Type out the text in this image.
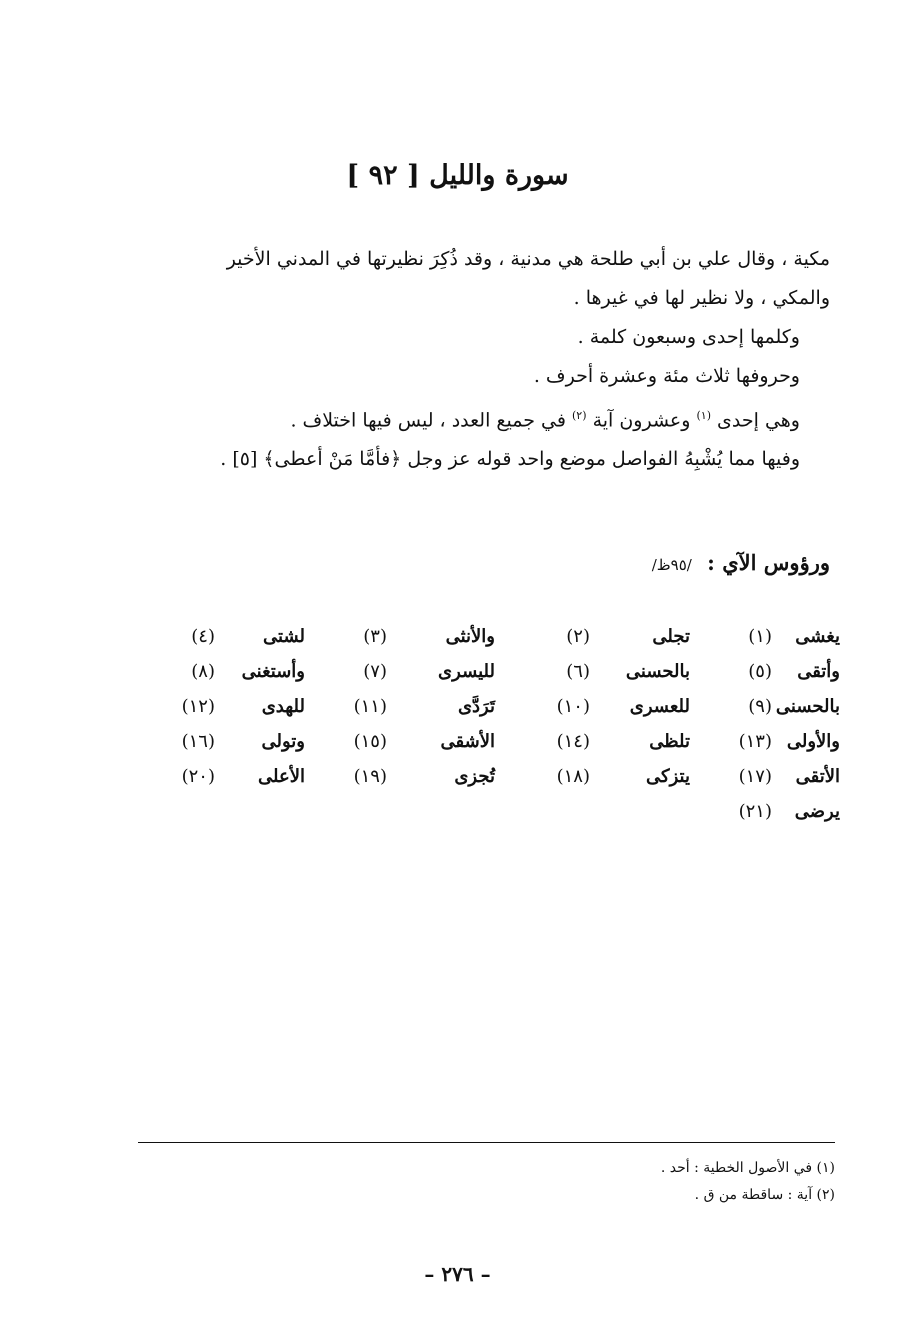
سورة والليل [ ٩٢ ]

مكية ، وقال علي بن أبي طلحة هي مدنية ، وقد ذُكِرَ نظيرتها في المدني الأخير

والمكي ، ولا نظير لها في غيرها .

وكلمها إحدى وسبعون كلمة .

وحروفها ثلاث مئة وعشرة أحرف .

وهي إحدى $^{(١)}$ وعشرون آية $^{(٢)}$ في جميع العدد ، ليس فيها اختلاف .

وفيها مما يُشْبِهُ الفواصل موضع واحد قوله عز وجل ﴿فأمَّا مَنْ أعطى﴾ [٥] .

ورؤوس الآي : /٩٥ظ/
يغشى
(١)
تجلى
(٢)
والأنثى
(٣)
لشتى
(٤)
وأتقى
(٥)
بالحسنى
(٦)
لليسرى
(٧)
وأستغنى
(٨)
بالحسنى
(٩)
للعسرى
(١٠)
تَرَدَّى
(١١)
للهدى
(١٢)
والأولى
(١٣)
تلظى
(١٤)
الأشقى
(١٥)
وتولى
(١٦)
الأتقى
(١٧)
يتزكى
(١٨)
تُجزى
(١٩)
الأعلى
(٢٠)
يرضى
(٢١)

(١) في الأصول الخطية : أحد .

(٢) آية : ساقطة من ق .

– ٢٧٦ –
